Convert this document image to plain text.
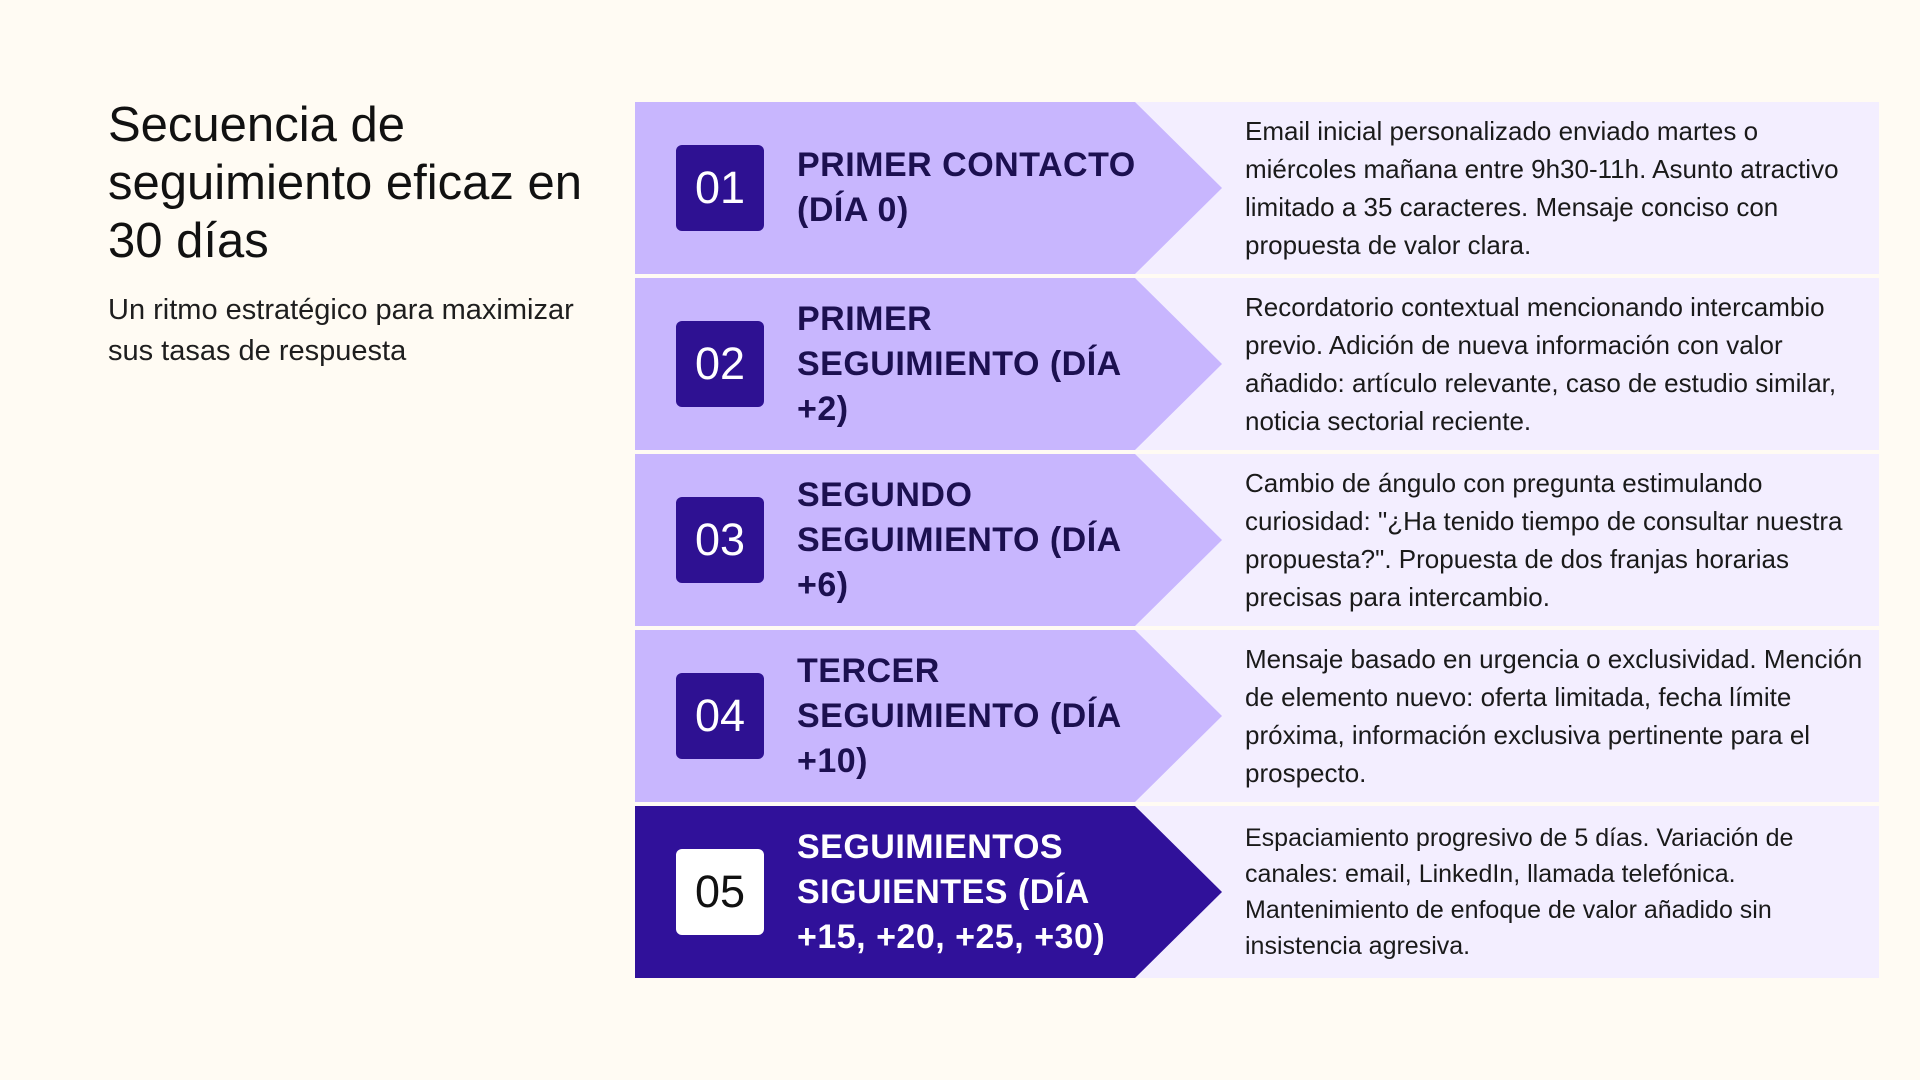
Secuencia de seguimiento eficaz en 30 días

Un ritmo estratégico para maximizar sus tasas de respuesta

01	PRIMER CONTACTO (DÍA 0)
Email inicial personalizado enviado martes o miércoles mañana entre 9h30-11h. Asunto atractivo limitado a 35 caracteres. Mensaje conciso con propuesta de valor clara.
02
PRIMER SEGUIMIENTO (DÍA +2)
Recordatorio contextual mencionando intercambio previo. Adición de nueva información con valor añadido: artículo relevante, caso de estudio similar, noticia sectorial reciente.
03
SEGUNDO SEGUIMIENTO (DÍA +6)
Cambio de ángulo con pregunta estimulando curiosidad: "¿Ha tenido tiempo de consultar nuestra propuesta?". Propuesta de dos franjas horarias precisas para intercambio.
04
TERCER SEGUIMIENTO (DÍA +10)
Mensaje basado en urgencia o exclusividad. Mención de elemento nuevo: oferta limitada, fecha límite próxima, información exclusiva pertinente para el prospecto.
05
SEGUIMIENTOS SIGUIENTES (DÍA +15, +20, +25, +30)
Espaciamiento progresivo de 5 días. Variación de canales: email, LinkedIn, llamada telefónica. Mantenimiento de enfoque de valor añadido sin insistencia agresiva.
